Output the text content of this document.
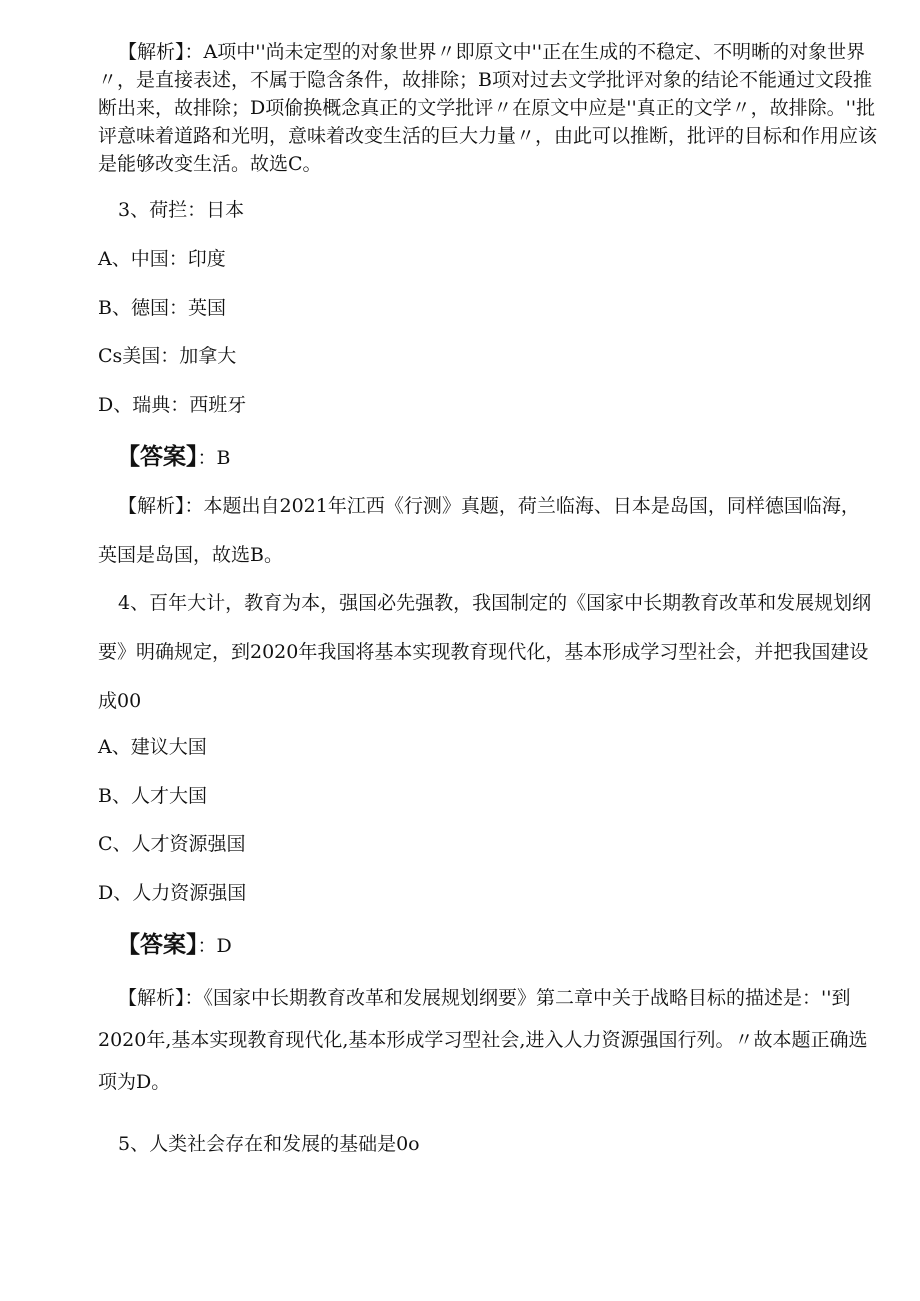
【解析】：A项中''尚未定型的对象世界〃即原文中''正在生成的不稳定、不明晰的对象世界〃，是直接表述，不属于隐含条件，故排除；B项对过去文学批评对象的结论不能通过文段推断出来，故排除；D项偷换概念真正的文学批评〃在原文中应是''真正的文学〃，故排除。''批评意味着道路和光明，意味着改变生活的巨大力量〃，由此可以推断，批评的目标和作用应该是能够改变生活。故选C。

3、荷拦：日本

A、中国：印度

B、德国：英国

Cs美国：加拿大

D、瑞典：西班牙

【答案】：B

【解析】：本题出自2021年江西《行测》真题，荷兰临海、日本是岛国，同样德国临海，英国是岛国，故选B。

4、百年大计，教育为本，强国必先强教，我国制定的《国家中长期教育改革和发展规划纲要》明确规定，到2020年我国将基本实现教育现代化，基本形成学习型社会，并把我国建设成00

A、建议大国

B、人才大国

C、人才资源强国

D、人力资源强国

【答案】：D

【解析】：《国家中长期教育改革和发展规划纲要》第二章中关于战略目标的描述是：''到2020年,基本实现教育现代化,基本形成学习型社会,进入人力资源强国行列。〃故本题正确选项为D。

5、人类社会存在和发展的基础是0o
